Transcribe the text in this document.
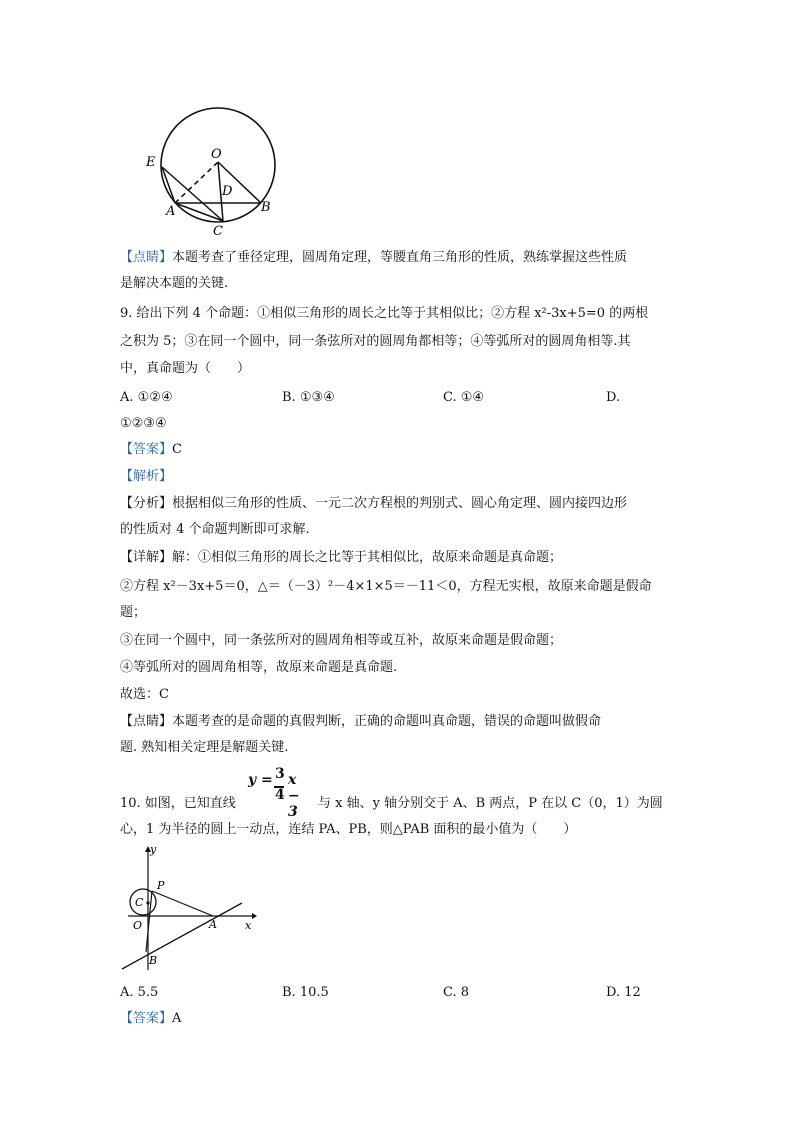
E
O
D
A
C
B
【点睛】本题考查了垂径定理，圆周角定理，等腰直角三角形的性质，熟练掌握这些性质
是解决本题的关键.
9. 给出下列 4 个命题：①相似三角形的周长之比等于其相似比；②方程 x²-3x+5=0 的两根
之积为 5；③在同一个圆中，同一条弦所对的圆周角都相等；④等弧所对的圆周角相等.其
中，真命题为（　　）
A. ①②④	B. ①③④	C. ①④	D.
①②③④
【答案】C
【解析】
【分析】根据相似三角形的性质、一元二次方程根的判别式、圆心角定理、圆内接四边形
的性质对 4 个命题判断即可求解.
【详解】解：①相似三角形的周长之比等于其相似比，故原来命题是真命题；
②方程 x²－3x+5＝0，△＝（－3）²－4×1×5＝－11＜0，方程无实根，故原来命题是假命
题；
③在同一个圆中，同一条弦所对的圆周角相等或互补，故原来命题是假命题；
④等弧所对的圆周角相等，故原来命题是真命题.
故选：C
【点睛】本题考查的是命题的真假判断，正确的命题叫真命题，错误的命题叫做假命
题. 熟知相关定理是解题关键.
10. 如图，已知直线
y = 3
4
x − 3
与 x 轴、y 轴分别交于 A、B 两点，P 在以 C（0，1）为圆
心，1 为半径的圆上一动点，连结 PA、PB，则△PAB 面积的最小值为（　　）
y
P
C
O	A	x
B
A. 5.5	B. 10.5	C. 8	D. 12
【答案】A
